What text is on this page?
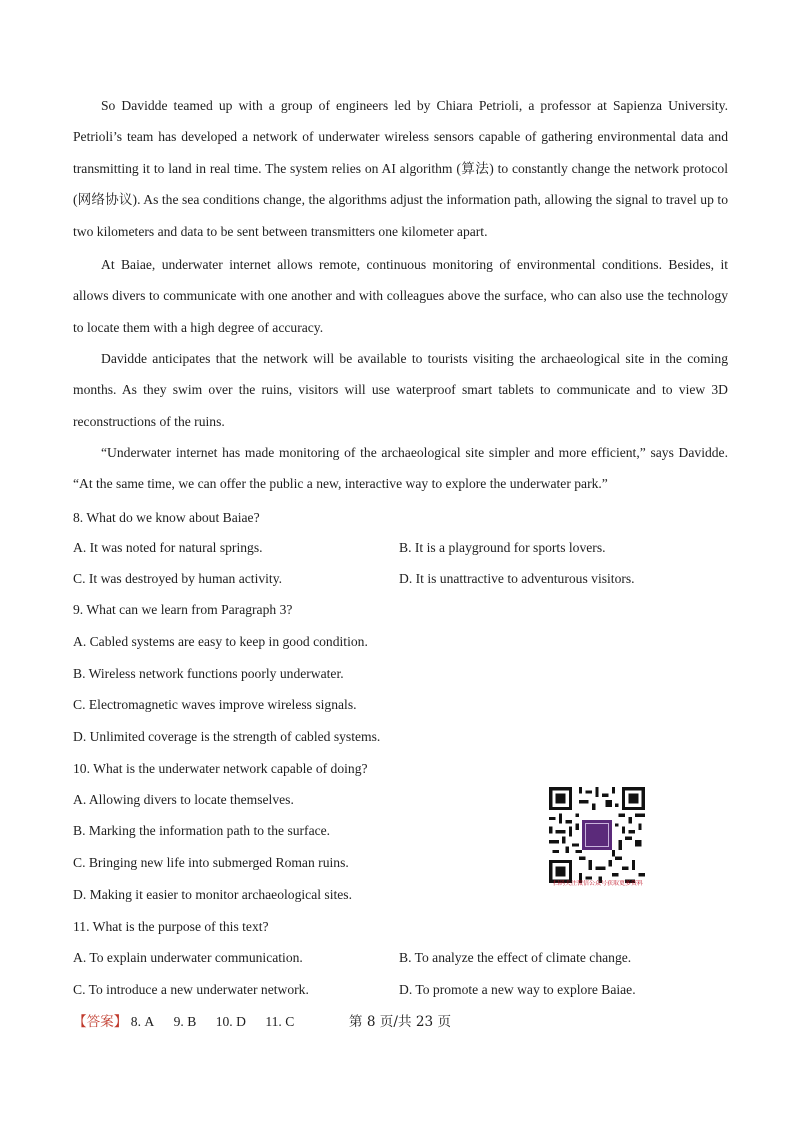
So Davidde teamed up with a group of engineers led by Chiara Petrioli, a professor at Sapienza University. Petrioli’s team has developed a network of underwater wireless sensors capable of gathering environmental data and transmitting it to land in real time. The system relies on AI algorithm (算法) to constantly change the network protocol (网络协议). As the sea conditions change, the algorithms adjust the information path, allowing the signal to travel up to two kilometers and data to be sent between transmitters one kilometer apart.

At Baiae, underwater internet allows remote, continuous monitoring of environmental conditions. Besides, it allows divers to communicate with one another and with colleagues above the surface, who can also use the technology to locate them with a high degree of accuracy.

Davidde anticipates that the network will be available to tourists visiting the archaeological site in the coming months. As they swim over the ruins, visitors will use waterproof smart tablets to communicate and to view 3D reconstructions of the ruins.

“Underwater internet has made monitoring of the archaeological site simpler and more efficient,” says Davidde. “At the same time, we can offer the public a new, interactive way to explore the underwater park.”

8. What do we know about Baiae?
A. It was noted for natural springs.	B. It is a playground for sports lovers.
C. It was destroyed by human activity.	D. It is unattractive to adventurous visitors.
9. What can we learn from Paragraph 3?
A. Cabled systems are easy to keep in good condition.
B. Wireless network functions poorly underwater.
C. Electromagnetic waves improve wireless signals.
D. Unlimited coverage is the strength of cabled systems.
10. What is the underwater network capable of doing?
A. Allowing divers to locate themselves.
B. Marking the information path to the surface.
C. Bringing new life into submerged Roman ruins.
D. Making it easier to monitor archaeological sites.
11. What is the purpose of this text?
A. To explain underwater communication.	B. To analyze the effect of climate change.
C. To introduce a new underwater network.	D. To promote a new way to explore Baiae.
扫码关注微信公众号获取更多资料
【答案】 8. A 9. B 10. D 11. C	第 8 页/共 23 页
